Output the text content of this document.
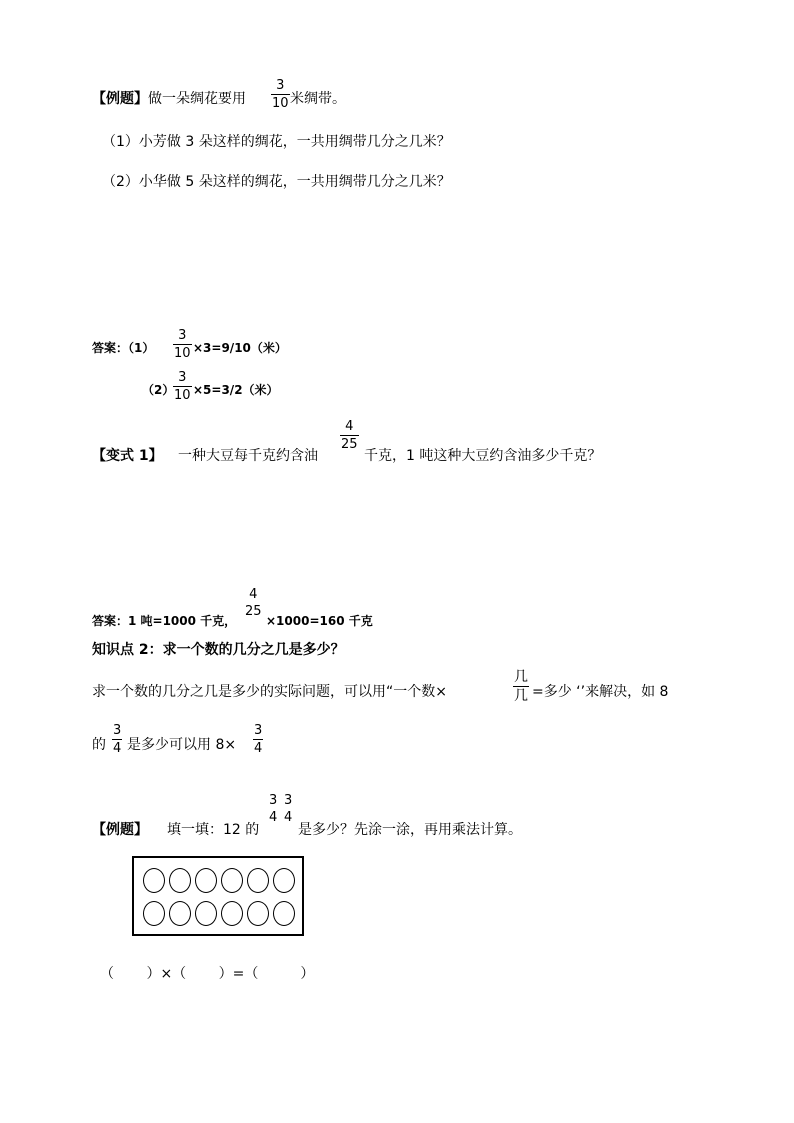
【例题】做一朵绸花要用 $\frac{3}{10}$ 米绸带。
（1）小芳做 3 朵这样的绸花，一共用绸带几分之几米？
（2）小华做 5 朵这样的绸花，一共用绸带几分之几米？
答案：$(1) \frac{3}{10} \times 3=9/10$（米）
（2）
$\frac{3}{10} \times 5=3/2$（米）
【变式 1】 一种大豆每千克约含油
$\frac{4}{25}$
千克，1 吨这种大豆约含油多少千克？
答案：1 吨=1000 千克，
4
25
×1000=160 千克
知识点 2：求一个数的几分之几是多少？
求一个数的几分之几是多少的实际问题，可以用“一个数×
几
几 =多少 ‘’来解决，如 8
的 $\frac{3}{4}$ 是多少可以用 $8\times \frac{3}{4}$
【例题】 填一填：12 的
3
4
3
4
是多少？先涂一涂，再用乘法计算。
（　　 ）×（　　 ）=（　　　）
